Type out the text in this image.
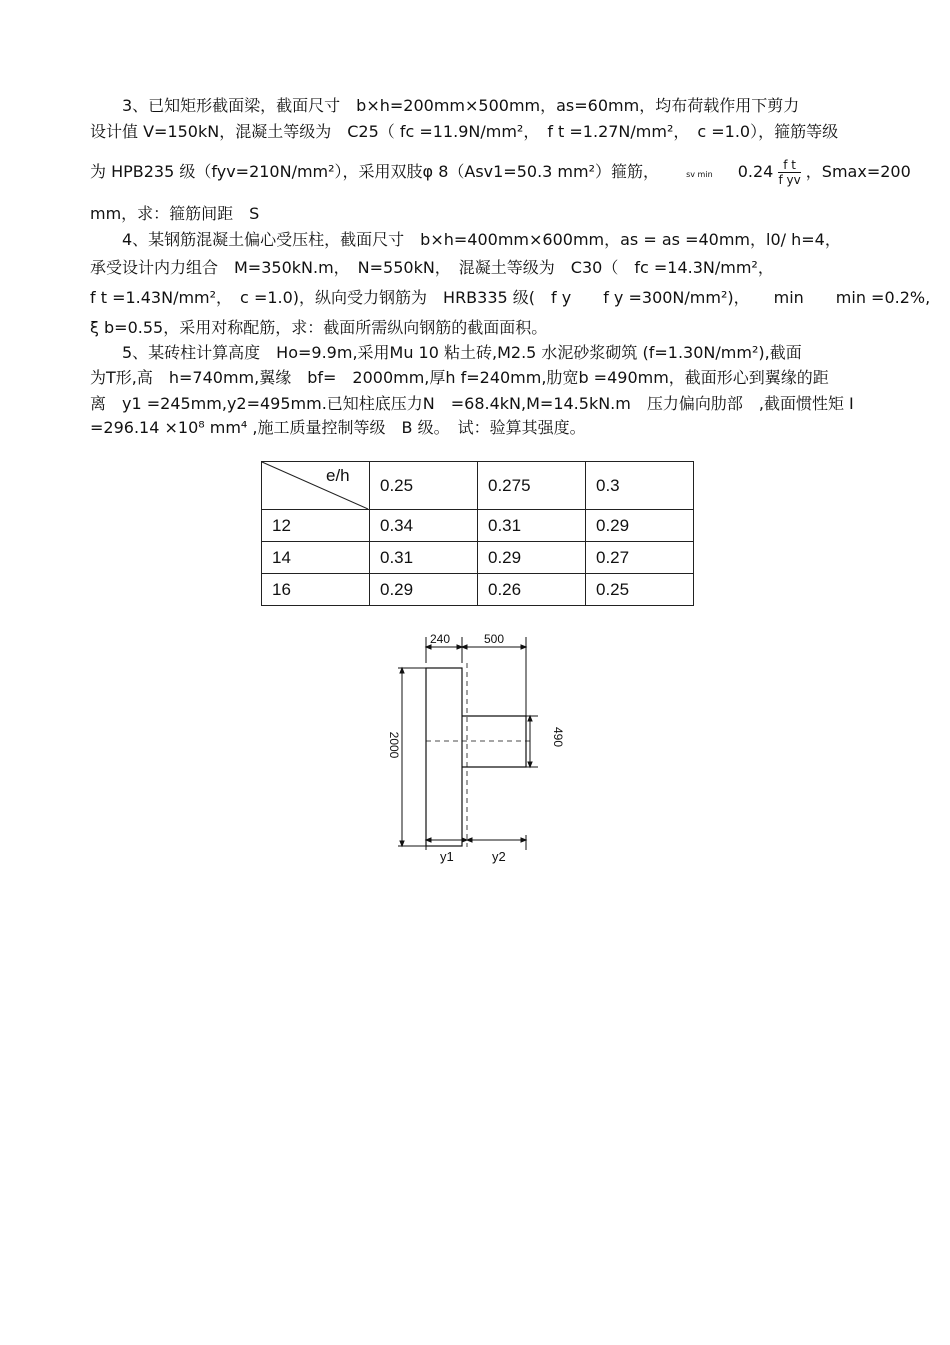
3、已知矩形截面梁，截面尺寸　b×h=200mm×500mm，as=60mm，均布荷载作用下剪力
设计值 V=150kN，混凝土等级为　C25（ fc =11.9N/mm²，　f t =1.27N/mm²，　c =1.0），箍筋等级
为 HPB235 级（fyv=210N/mm²），采用双肢φ 8（Asv1=50.3 mm²）箍筋，	sv $\min 0.24 \frac{\text{f t}}{\text{f yv}}$ ，Smax=200
mm，求：箍筋间距　S
4、某钢筋混凝土偏心受压柱，截面尺寸　b×h=400mm×600mm，as = as =40mm，l0/ h=4，
承受设计内力组合　M=350kN.m，　N=550kN，　混凝土等级为　C30（　fc =14.3N/mm²，
f t =1.43N/mm²，　c =1.0)，纵向受力钢筋为　HRB335 级(　f y　　f y =300N/mm²)，　　min　　min =0.2%,
ξ b=0.55，采用对称配筋，求：截面所需纵向钢筋的截面面积。
5、某砖柱计算高度　Ho=9.9m,采用Mu 10 粘土砖,M2.5 水泥砂浆砌筑 (f=1.30N/mm²),截面
为T形,高　h=740mm,翼缘　bf=　2000mm,厚h f=240mm,肋宽b =490mm，截面形心到翼缘的距
离　y1 =245mm,y2=495mm.已知柱底压力N　=68.4kN,M=14.5kN.m　压力偏向肋部　,截面惯性矩 I
=296.14 ×10⁸ mm⁴ ,施工质量控制等级　B 级。　试：验算其强度。
e/h	0.25	0.275	0.3
12	0.34	0.31	0.29
14	0.31	0.29	0.27
16	0.29	0.26	0.25
240	500
2000	490
y1	y2
